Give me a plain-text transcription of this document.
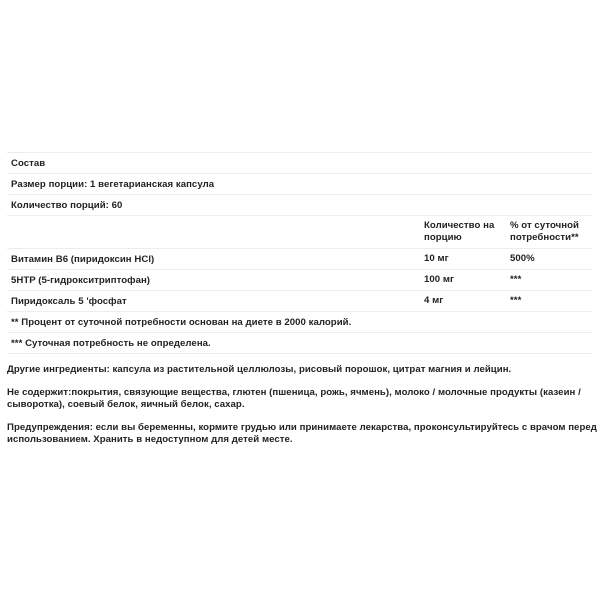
Состав
Размер порции: 1 вегетарианская капсула
Количество порций: 60
Количество на порцию
% от суточной потребности**
Витамин B6 (пиридоксин HCl)	10 мг	500%
5HTP (5-гидрокситриптофан)	100 мг	***
Пиридоксаль 5 'фосфат	4 мг	***
** Процент от суточной потребности основан на диете в 2000 калорий.
*** Суточная потребность не определена.

Другие ингредиенты: капсула из растительной целлюлозы, рисовый порошок, цитрат магния и лейцин.

Не содержит:покрытия, связующие вещества, глютен (пшеница, рожь, ячмень), молоко / молочные продукты (казеин / сыворотка), соевый белок, яичный белок, сахар.

Предупреждения: если вы беременны, кормите грудью или принимаете лекарства, проконсультируйтесь с врачом перед использованием. Хранить в недоступном для детей месте.
